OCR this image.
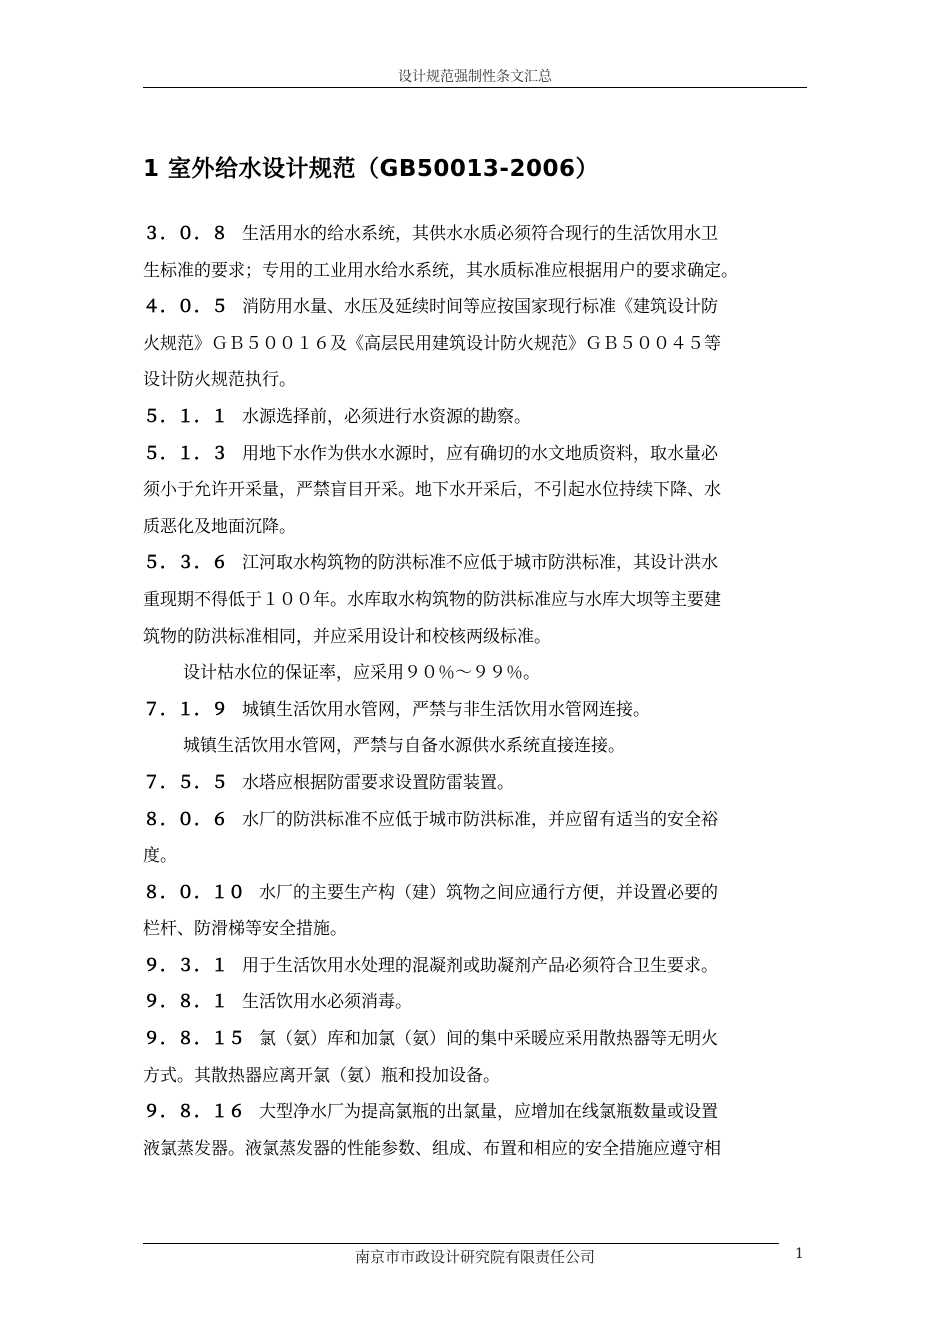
设计规范强制性条文汇总
1 室外给水设计规范（GB50013-2006）
３．０．８ 生活用水的给水系统，其供水水质必须符合现行的生活饮用水卫
生标准的要求；专用的工业用水给水系统，其水质标准应根据用户的要求确定。
４．０．５ 消防用水量、水压及延续时间等应按国家现行标准《建筑设计防
火规范》ＧＢ５００１６及《高层民用建筑设计防火规范》ＧＢ５００４５等
设计防火规范执行。
５．１．１ 水源选择前，必须进行水资源的勘察。
５．１．３ 用地下水作为供水水源时，应有确切的水文地质资料，取水量必
须小于允许开采量，严禁盲目开采。地下水开采后，不引起水位持续下降、水
质恶化及地面沉降。
５．３．６ 江河取水构筑物的防洪标准不应低于城市防洪标准，其设计洪水
重现期不得低于１００年。水库取水构筑物的防洪标准应与水库大坝等主要建
筑物的防洪标准相同，并应采用设计和校核两级标准。
设计枯水位的保证率，应采用９０％～９９％。
７．１．９ 城镇生活饮用水管网，严禁与非生活饮用水管网连接。
城镇生活饮用水管网，严禁与自备水源供水系统直接连接。
７．５．５ 水塔应根据防雷要求设置防雷装置。
８．０．６ 水厂的防洪标准不应低于城市防洪标准，并应留有适当的安全裕
度。
８．０．１０ 水厂的主要生产构（建）筑物之间应通行方便，并设置必要的
栏杆、防滑梯等安全措施。
９．３．１ 用于生活饮用水处理的混凝剂或助凝剂产品必须符合卫生要求。
９．８．１ 生活饮用水必须消毒。
９．８．１５ 氯（氨）库和加氯（氨）间的集中采暖应采用散热器等无明火
方式。其散热器应离开氯（氨）瓶和投加设备。
９．８．１６ 大型净水厂为提高氯瓶的出氯量，应增加在线氯瓶数量或设置
液氯蒸发器。液氯蒸发器的性能参数、组成、布置和相应的安全措施应遵守相
南京市市政设计研究院有限责任公司	1
